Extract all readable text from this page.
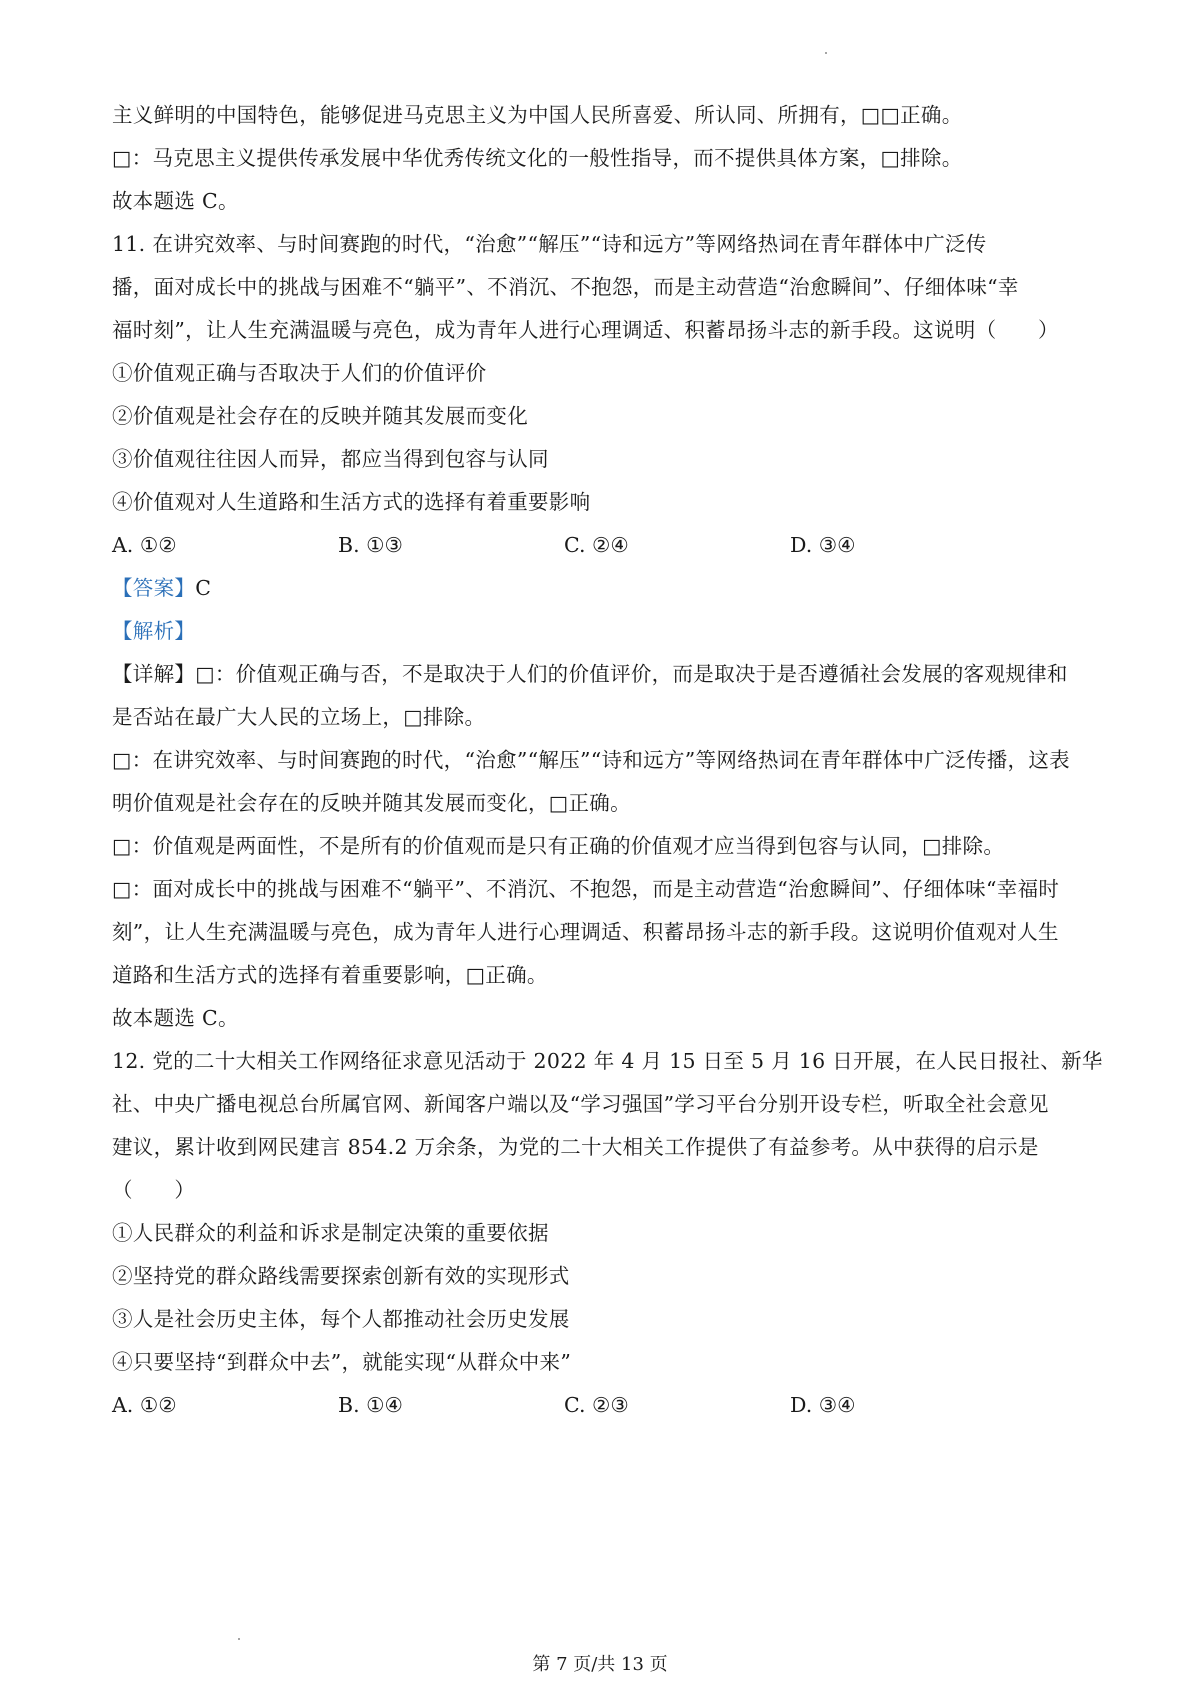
主义鲜明的中国特色，能够促进马克思主义为中国人民所喜爱、所认同、所拥有，□□正确。
□：马克思主义提供传承发展中华优秀传统文化的一般性指导，而不提供具体方案，□排除。
故本题选 C。
11. 在讲究效率、与时间赛跑的时代，“治愈”“解压”“诗和远方”等网络热词在青年群体中广泛传
播，面对成长中的挑战与困难不“躺平”、不消沉、不抱怨，而是主动营造“治愈瞬间”、仔细体味“幸
福时刻”，让人生充满温暖与亮色，成为青年人进行心理调适、积蓄昂扬斗志的新手段。这说明（　　）
①价值观正确与否取决于人们的价值评价
②价值观是社会存在的反映并随其发展而变化
③价值观往往因人而异，都应当得到包容与认同
④价值观对人生道路和生活方式的选择有着重要影响
A. ①②	B. ①③	C. ②④	D. ③④
【答案】C
【解析】
【详解】□：价值观正确与否，不是取决于人们的价值评价，而是取决于是否遵循社会发展的客观规律和
是否站在最广大人民的立场上，□排除。
□：在讲究效率、与时间赛跑的时代，“治愈”“解压”“诗和远方”等网络热词在青年群体中广泛传播，这表
明价值观是社会存在的反映并随其发展而变化，□正确。
□：价值观是两面性，不是所有的价值观而是只有正确的价值观才应当得到包容与认同，□排除。
□：面对成长中的挑战与困难不“躺平”、不消沉、不抱怨，而是主动营造“治愈瞬间”、仔细体味“幸福时
刻”，让人生充满温暖与亮色，成为青年人进行心理调适、积蓄昂扬斗志的新手段。这说明价值观对人生
道路和生活方式的选择有着重要影响，□正确。
故本题选 C。
12. 党的二十大相关工作网络征求意见活动于 2022 年 4 月 15 日至 5 月 16 日开展，在人民日报社、新华
社、中央广播电视总台所属官网、新闻客户端以及“学习强国”学习平台分别开设专栏，听取全社会意见
建议，累计收到网民建言 854.2 万余条，为党的二十大相关工作提供了有益参考。从中获得的启示是
（　　）
①人民群众的利益和诉求是制定决策的重要依据
②坚持党的群众路线需要探索创新有效的实现形式
③人是社会历史主体，每个人都推动社会历史发展
④只要坚持“到群众中去”，就能实现“从群众中来”
A. ①②	B. ①④	C. ②③	D. ③④
第 7 页/共 13 页
